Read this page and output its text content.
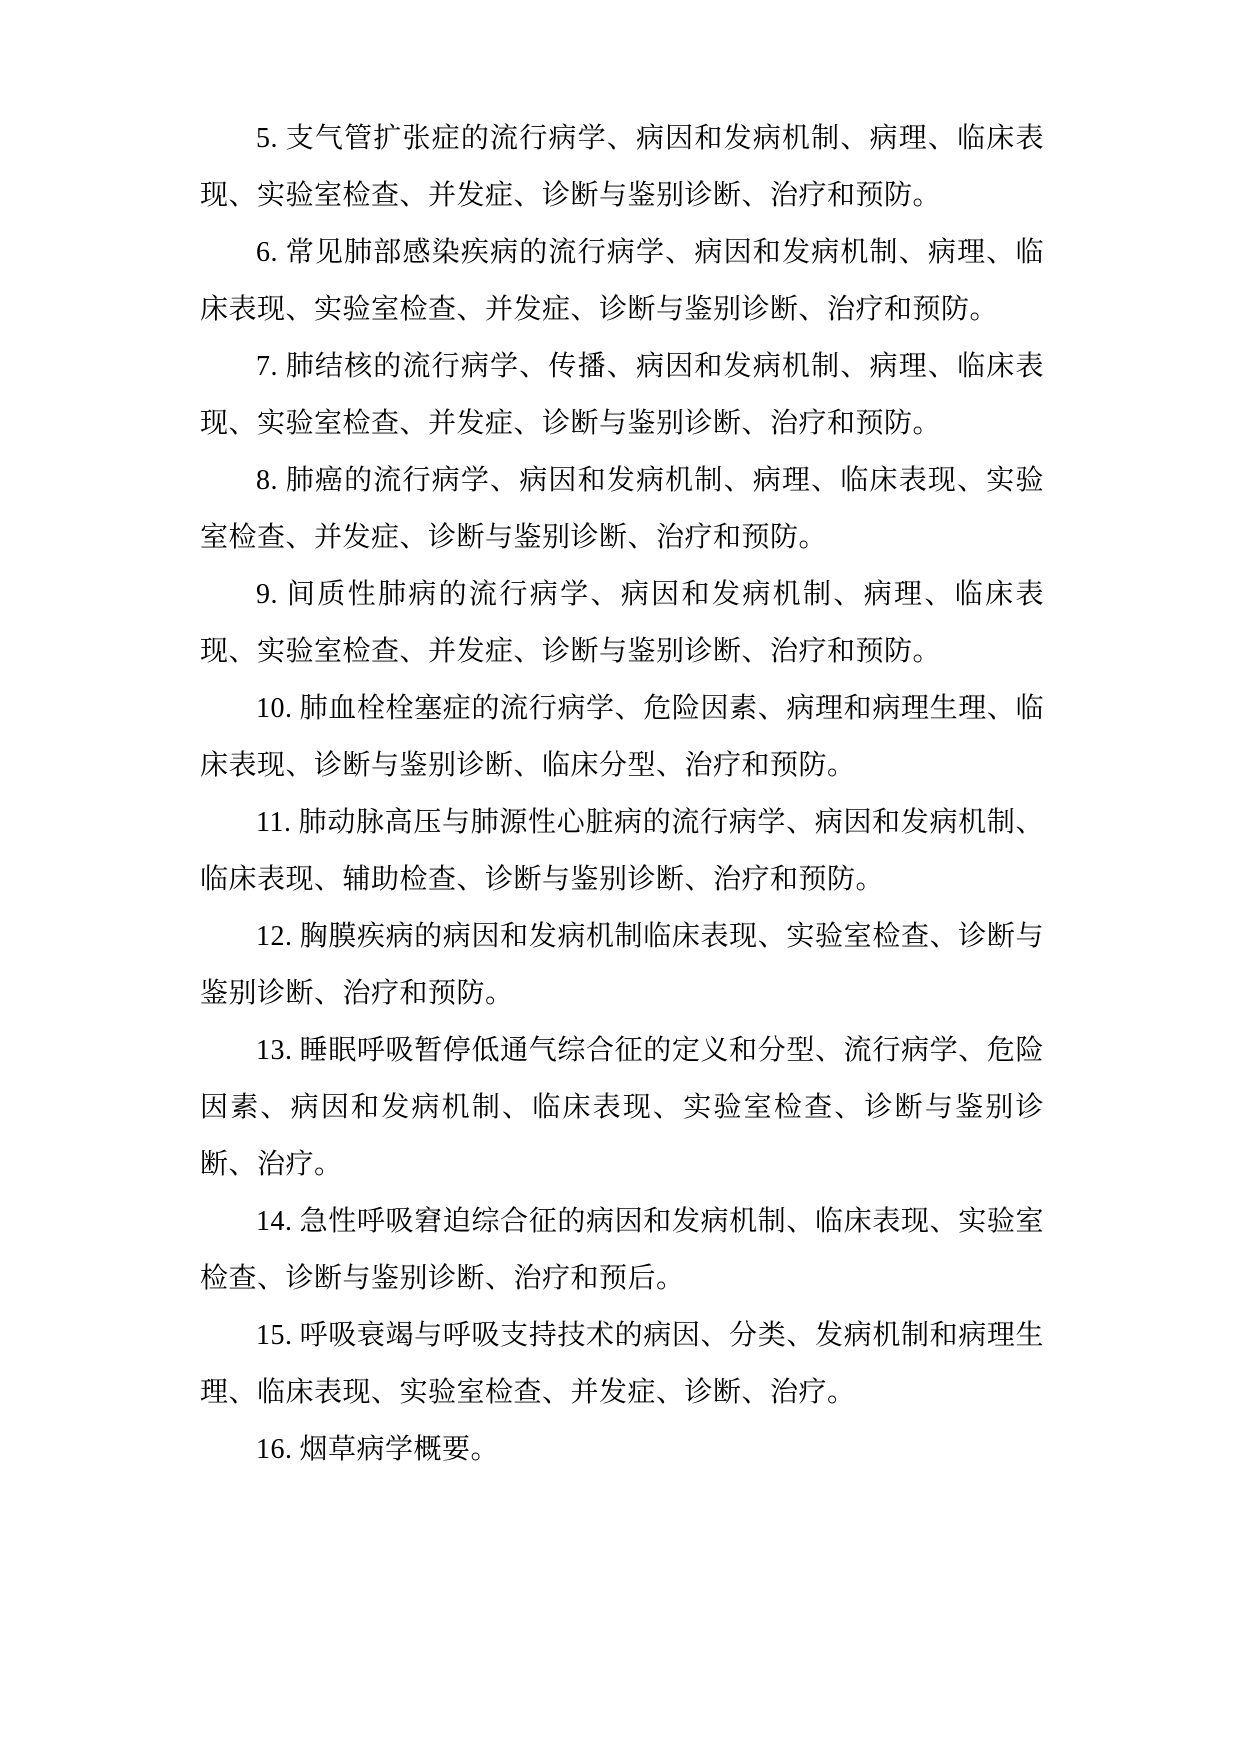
5. 支气管扩张症的流行病学、病因和发病机制、病理、临床表现、实验室检查、并发症、诊断与鉴别诊断、治疗和预防。

6. 常见肺部感染疾病的流行病学、病因和发病机制、病理、临床表现、实验室检查、并发症、诊断与鉴别诊断、治疗和预防。

7. 肺结核的流行病学、传播、病因和发病机制、病理、临床表现、实验室检查、并发症、诊断与鉴别诊断、治疗和预防。

8. 肺癌的流行病学、病因和发病机制、病理、临床表现、实验室检查、并发症、诊断与鉴别诊断、治疗和预防。

9. 间质性肺病的流行病学、病因和发病机制、病理、临床表现、实验室检查、并发症、诊断与鉴别诊断、治疗和预防。

10. 肺血栓栓塞症的流行病学、危险因素、病理和病理生理、临床表现、诊断与鉴别诊断、临床分型、治疗和预防。

11. 肺动脉高压与肺源性心脏病的流行病学、病因和发病机制、临床表现、辅助检查、诊断与鉴别诊断、治疗和预防。

12. 胸膜疾病的病因和发病机制临床表现、实验室检查、诊断与鉴别诊断、治疗和预防。

13. 睡眠呼吸暂停低通气综合征的定义和分型、流行病学、危险因素、病因和发病机制、临床表现、实验室检查、诊断与鉴别诊断、治疗。

14. 急性呼吸窘迫综合征的病因和发病机制、临床表现、实验室检查、诊断与鉴别诊断、治疗和预后。

15. 呼吸衰竭与呼吸支持技术的病因、分类、发病机制和病理生理、临床表现、实验室检查、并发症、诊断、治疗。

16. 烟草病学概要。
